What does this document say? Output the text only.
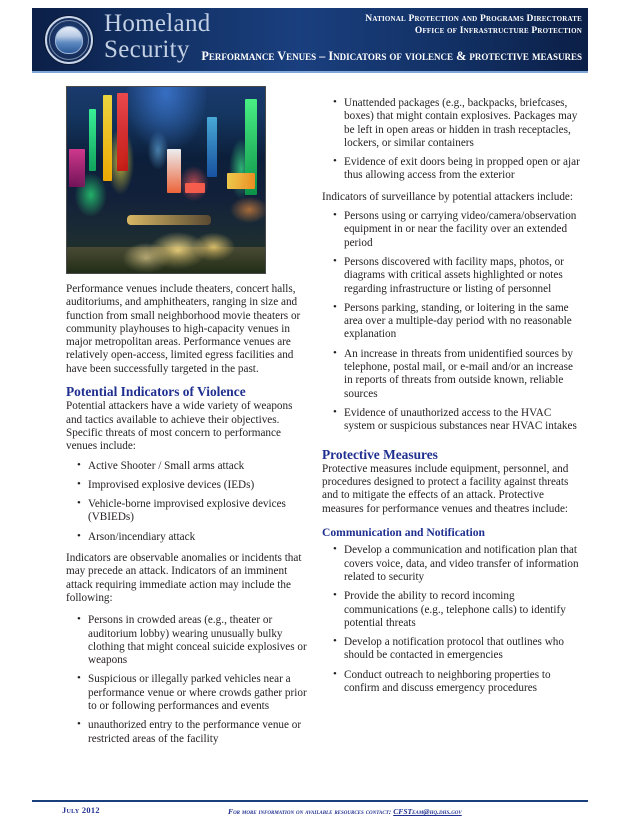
Homeland
Security
National Protection and Programs Directorate
Office of Infrastructure Protection
Performance Venues – Indicators of violence & protective measures

Performance venues include theaters, concert halls, auditoriums, and amphitheaters, ranging in size and function from small neighborhood movie theaters or community playhouses to high-capacity venues in major metropolitan areas. Performance venues are relatively open-access, limited egress facilities and have been successfully targeted in the past.

Potential Indicators of Violence

Potential attackers have a wide variety of weapons and tactics available to achieve their objectives. Specific threats of most concern to performance venues include:

• Active Shooter / Small arms attack
• Improvised explosive devices (IEDs)
• Vehicle-borne improvised explosive devices (VBIEDs)
• Arson/incendiary attack

Indicators are observable anomalies or incidents that may precede an attack. Indicators of an imminent attack requiring immediate action may include the following:

• Persons in crowded areas (e.g., theater or auditorium lobby) wearing unusually bulky clothing that might conceal suicide explosives or weapons
• Suspicious or illegally parked vehicles near a performance venue or where crowds gather prior to or following performances and events
• unauthorized entry to the performance venue or restricted areas of the facility
• Unattended packages (e.g., backpacks, briefcases, boxes) that might contain explosives. Packages may be left in open areas or hidden in trash receptacles, lockers, or similar containers
• Evidence of exit doors being in propped open or ajar thus allowing access from the exterior

Indicators of surveillance by potential attackers include:

• Persons using or carrying video/camera/observation equipment in or near the facility over an extended period
• Persons discovered with facility maps, photos, or diagrams with critical assets highlighted or notes regarding infrastructure or listing of personnel
• Persons parking, standing, or loitering in the same area over a multiple-day period with no reasonable explanation
• An increase in threats from unidentified sources by telephone, postal mail, or e-mail and/or an increase in reports of threats from outside known, reliable sources
• Evidence of unauthorized access to the HVAC system or suspicious substances near HVAC intakes
Protective Measures

Protective measures include equipment, personnel, and procedures designed to protect a facility against threats and to mitigate the effects of an attack. Protective measures for performance venues and theatres include:

Communication and Notification
• Develop a communication and notification plan that covers voice, data, and video transfer of information related to security
• Provide the ability to record incoming communications (e.g., telephone calls) to identify potential threats
• Develop a notification protocol that outlines who should be contacted in emergencies
• Conduct outreach to neighboring properties to confirm and discuss emergency procedures
July 2012	For more information on available resources contact: CFSTeam@hq.dhs.gov
